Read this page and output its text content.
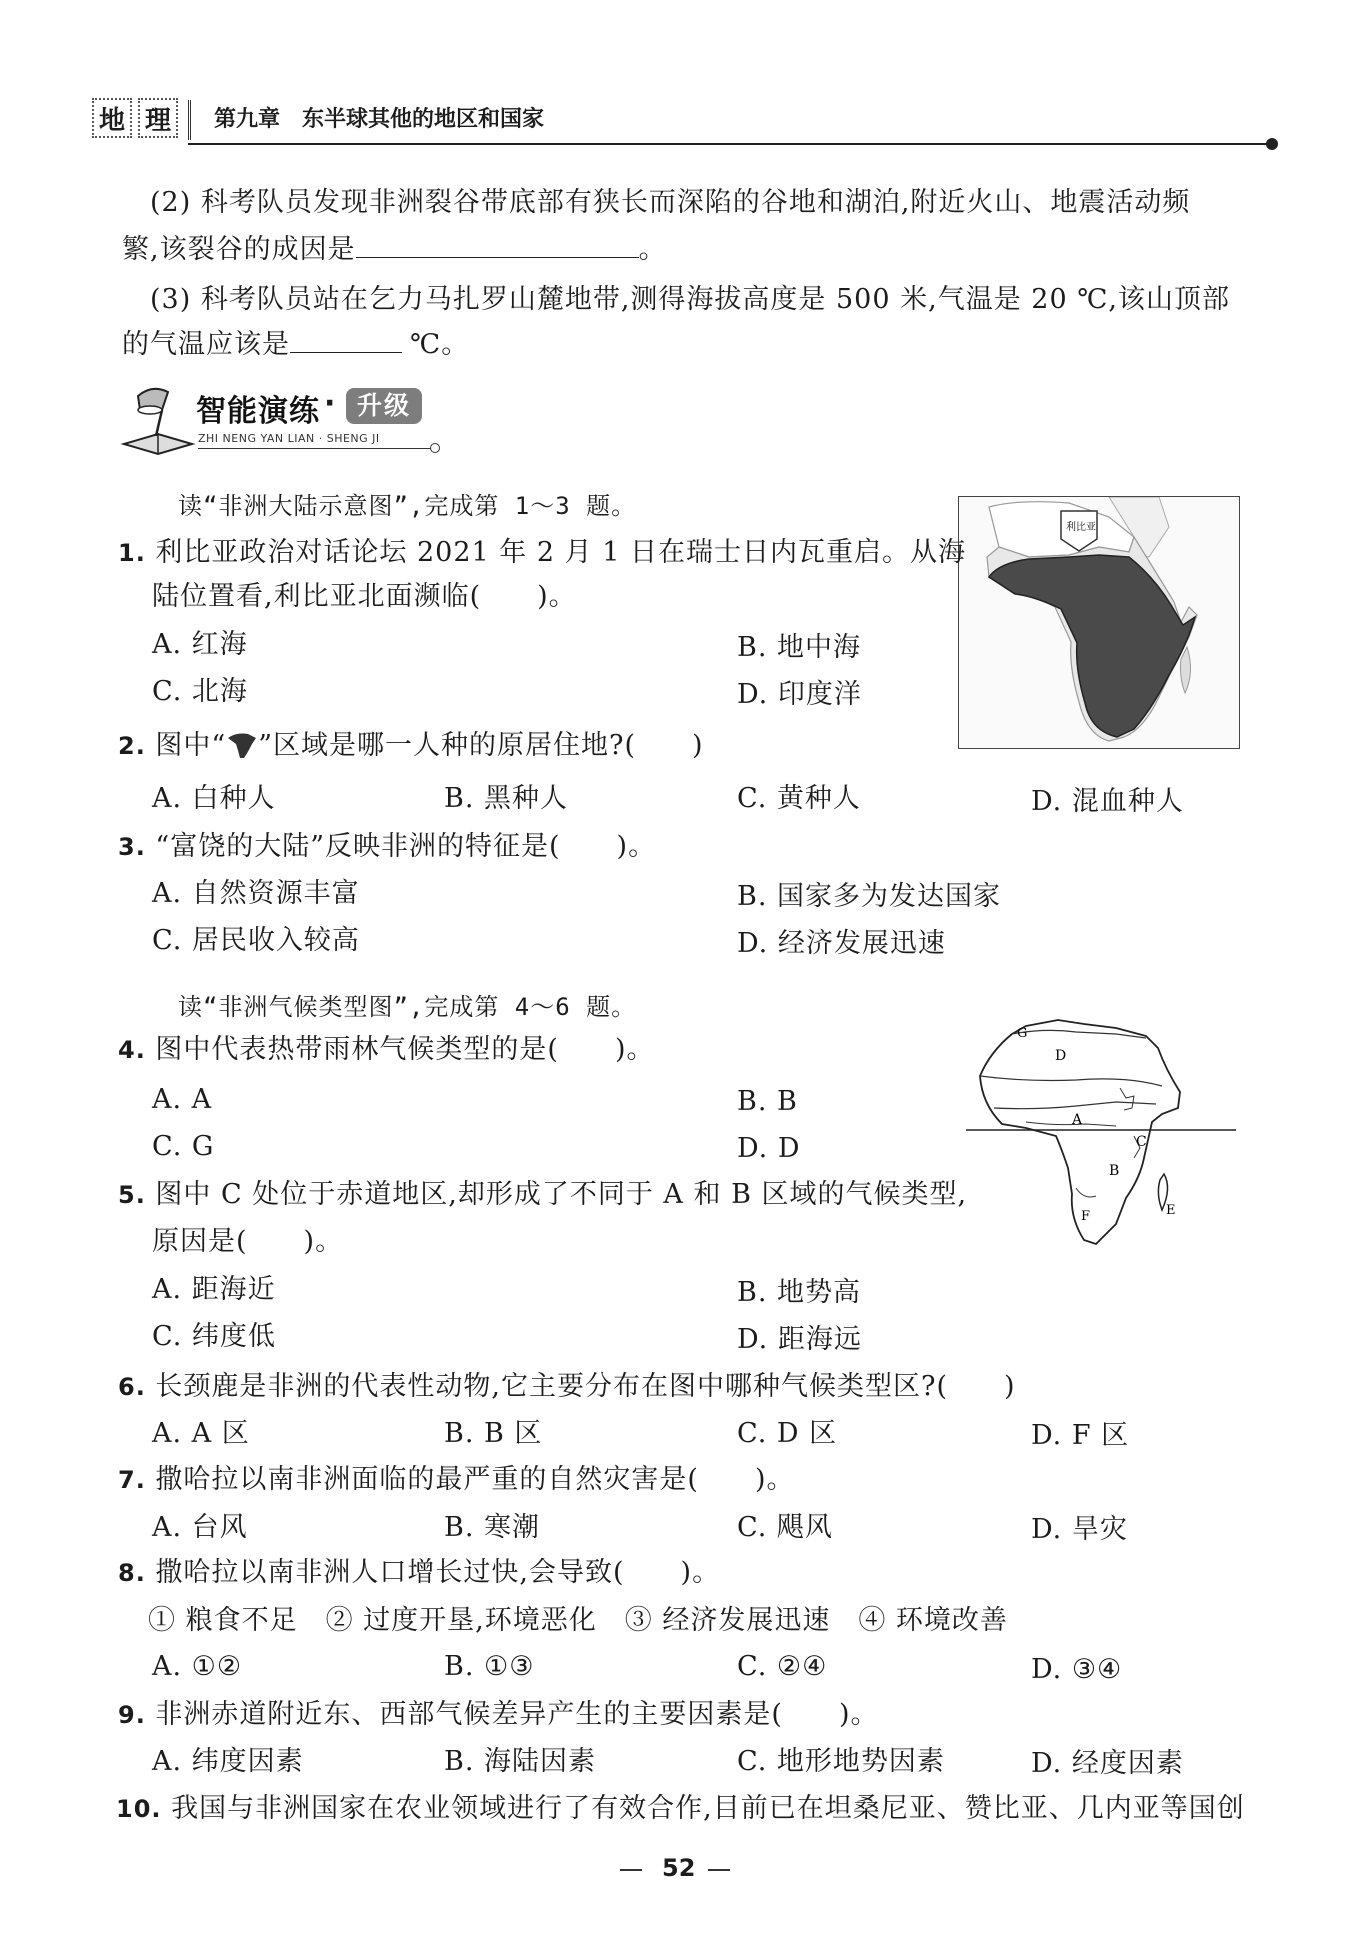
地 理	第九章　东半球其他的地区和国家
(2) 科考队员发现非洲裂谷带底部有狭长而深陷的谷地和湖泊,附近火山、地震活动频
繁,该裂谷的成因是	。
(3) 科考队员站在乞力马扎罗山麓地带,测得海拔高度是 500 米,气温是 20 ℃,该山顶部
的气温应该是	℃。
智能演练 · 升级
ZHI NENG YAN LIAN · SHENG JI
读“非洲大陆示意图”,完成第 1～3 题。
利比亚
1. 利比亚政治对话论坛 2021 年 2 月 1 日在瑞士日内瓦重启。从海
陆位置看,利比亚北面濒临(　　)。
A. 红海	B. 地中海
C. 北海	D. 印度洋
2. 图中“ ”区域是哪一人种的原居住地?(　　)
A. 白种人	B. 黑种人	C. 黄种人	D. 混血种人
3. “富饶的大陆”反映非洲的特征是(　　)。
A. 自然资源丰富	B. 国家多为发达国家
C. 居民收入较高	D. 经济发展迅速
读“非洲气候类型图”,完成第 4～6 题。
G
D
A
C
B
F	E
4. 图中代表热带雨林气候类型的是(　　)。
A. A	B. B
C. G	D. D
5. 图中 C 处位于赤道地区,却形成了不同于 A 和 B 区域的气候类型,
原因是(　　)。
A. 距海近	B. 地势高
C. 纬度低	D. 距海远
6. 长颈鹿是非洲的代表性动物,它主要分布在图中哪种气候类型区?(　　)
A. A 区	B. B 区	C. D 区	D. F 区
7. 撒哈拉以南非洲面临的最严重的自然灾害是(　　)。
A. 台风	B. 寒潮	C. 飓风	D. 旱灾
8. 撒哈拉以南非洲人口增长过快,会导致(　　)。
① 粮食不足　② 过度开垦,环境恶化　③ 经济发展迅速　④ 环境改善
A. ①②	B. ①③	C. ②④	D. ③④
9. 非洲赤道附近东、西部气候差异产生的主要因素是(　　)。
A. 纬度因素	B. 海陆因素	C. 地形地势因素	D. 经度因素
10. 我国与非洲国家在农业领域进行了有效合作,目前已在坦桑尼亚、赞比亚、几内亚等国创
52
